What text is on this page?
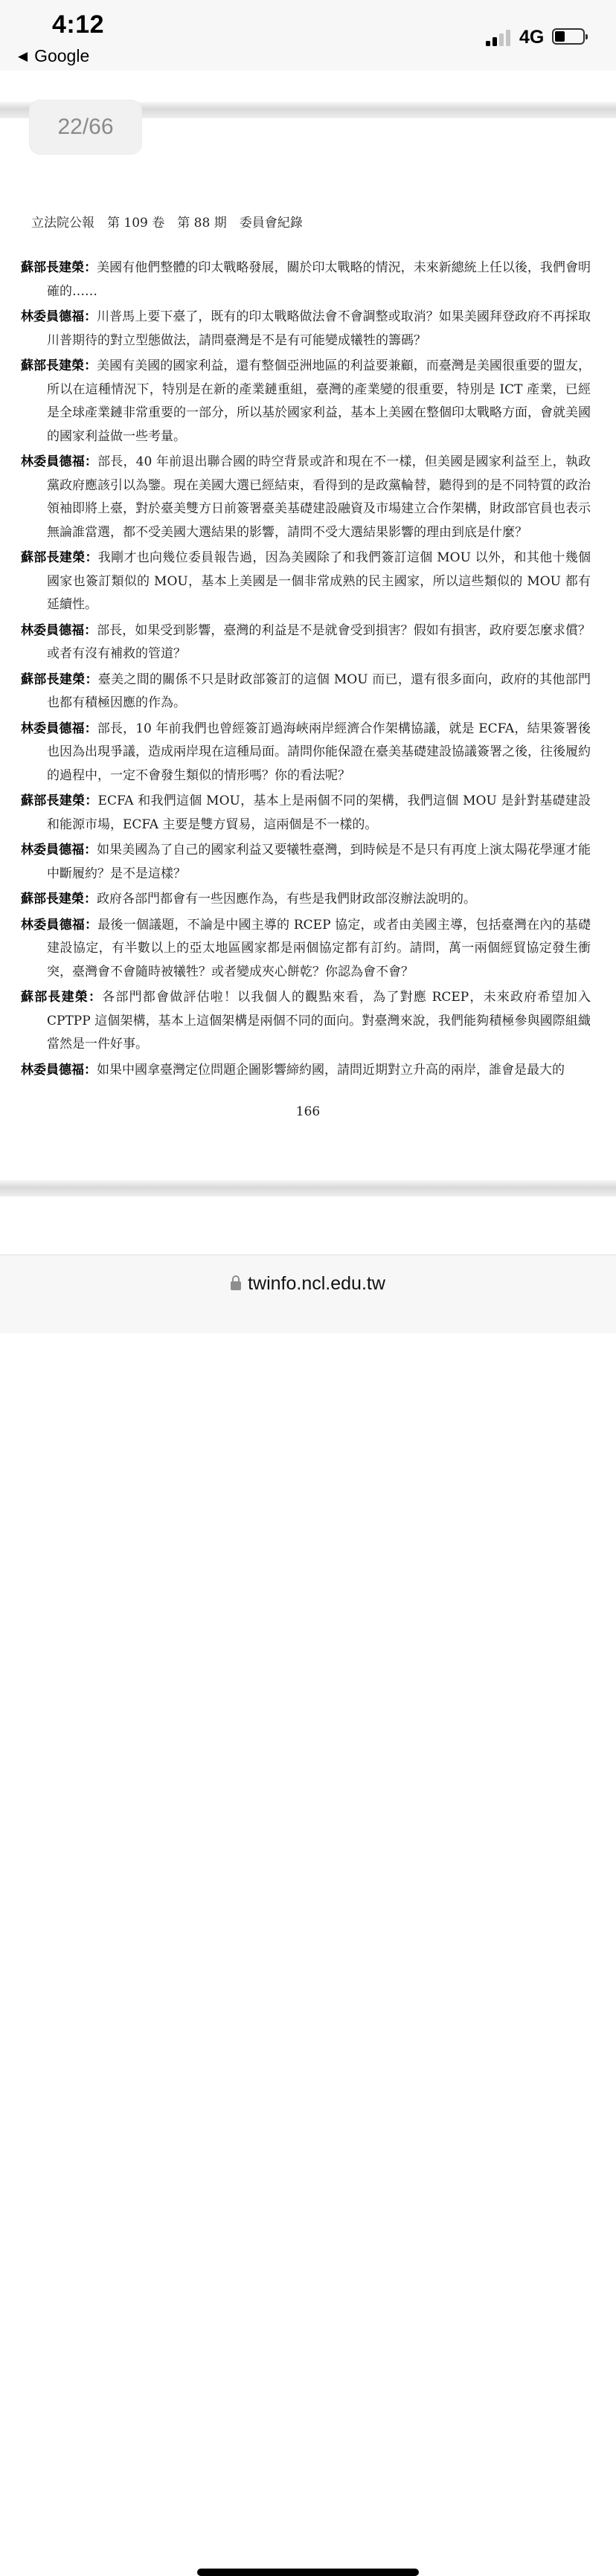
4:12
◀ Google
4G
22/66
立法院公報　第 109 卷　第 88 期　委員會紀錄
蘇部長建榮：美國有他們整體的印太戰略發展，關於印太戰略的情況，未來新總統上任以後，我們會明確的……
林委員德福：川普馬上要下臺了，既有的印太戰略做法會不會調整或取消？如果美國拜登政府不再採取川普期待的對立型態做法，請問臺灣是不是有可能變成犧牲的籌碼？
蘇部長建榮：美國有美國的國家利益，還有整個亞洲地區的利益要兼顧，而臺灣是美國很重要的盟友，所以在這種情況下，特別是在新的產業鏈重組，臺灣的產業變的很重要，特別是 ICT 產業，已經是全球產業鏈非常重要的一部分，所以基於國家利益，基本上美國在整個印太戰略方面，會就美國的國家利益做一些考量。
林委員德福：部長，40 年前退出聯合國的時空背景或許和現在不一樣，但美國是國家利益至上，執政黨政府應該引以為鑒。現在美國大選已經結束，看得到的是政黨輪替，聽得到的是不同特質的政治領袖即將上臺，對於臺美雙方日前簽署臺美基礎建設融資及市場建立合作架構，財政部官員也表示無論誰當選，都不受美國大選結果的影響，請問不受大選結果影響的理由到底是什麼？
蘇部長建榮：我剛才也向幾位委員報告過，因為美國除了和我們簽訂這個 MOU 以外，和其他十幾個國家也簽訂類似的 MOU，基本上美國是一個非常成熟的民主國家，所以這些類似的 MOU 都有延續性。
林委員德福：部長，如果受到影響，臺灣的利益是不是就會受到損害？假如有損害，政府要怎麼求償？或者有沒有補救的管道？
蘇部長建榮：臺美之間的關係不只是財政部簽訂的這個 MOU 而已，還有很多面向，政府的其他部門也都有積極因應的作為。
林委員德福：部長，10 年前我們也曾經簽訂過海峽兩岸經濟合作架構協議，就是 ECFA，結果簽署後也因為出現爭議，造成兩岸現在這種局面。請問你能保證在臺美基礎建設協議簽署之後，往後履約的過程中，一定不會發生類似的情形嗎？你的看法呢？
蘇部長建榮：ECFA 和我們這個 MOU，基本上是兩個不同的架構，我們這個 MOU 是針對基礎建設和能源市場，ECFA 主要是雙方貿易，這兩個是不一樣的。
林委員德福：如果美國為了自己的國家利益又要犧牲臺灣，到時候是不是只有再度上演太陽花學運才能中斷履約？是不是這樣？
蘇部長建榮：政府各部門都會有一些因應作為，有些是我們財政部沒辦法說明的。
林委員德福：最後一個議題，不論是中國主導的 RCEP 協定，或者由美國主導，包括臺灣在內的基礎建設協定，有半數以上的亞太地區國家都是兩個協定都有訂約。請問，萬一兩個經貿協定發生衝突，臺灣會不會隨時被犧牲？或者變成夾心餅乾？你認為會不會？
蘇部長建榮：各部門都會做評估啦！以我個人的觀點來看，為了對應 RCEP，未來政府希望加入 CPTPP 這個架構，基本上這個架構是兩個不同的面向。對臺灣來說，我們能夠積極參與國際組織當然是一件好事。
林委員德福：如果中國拿臺灣定位問題企圖影響締約國，請問近期對立升高的兩岸，誰會是最大的
166
twinfo.ncl.edu.tw
